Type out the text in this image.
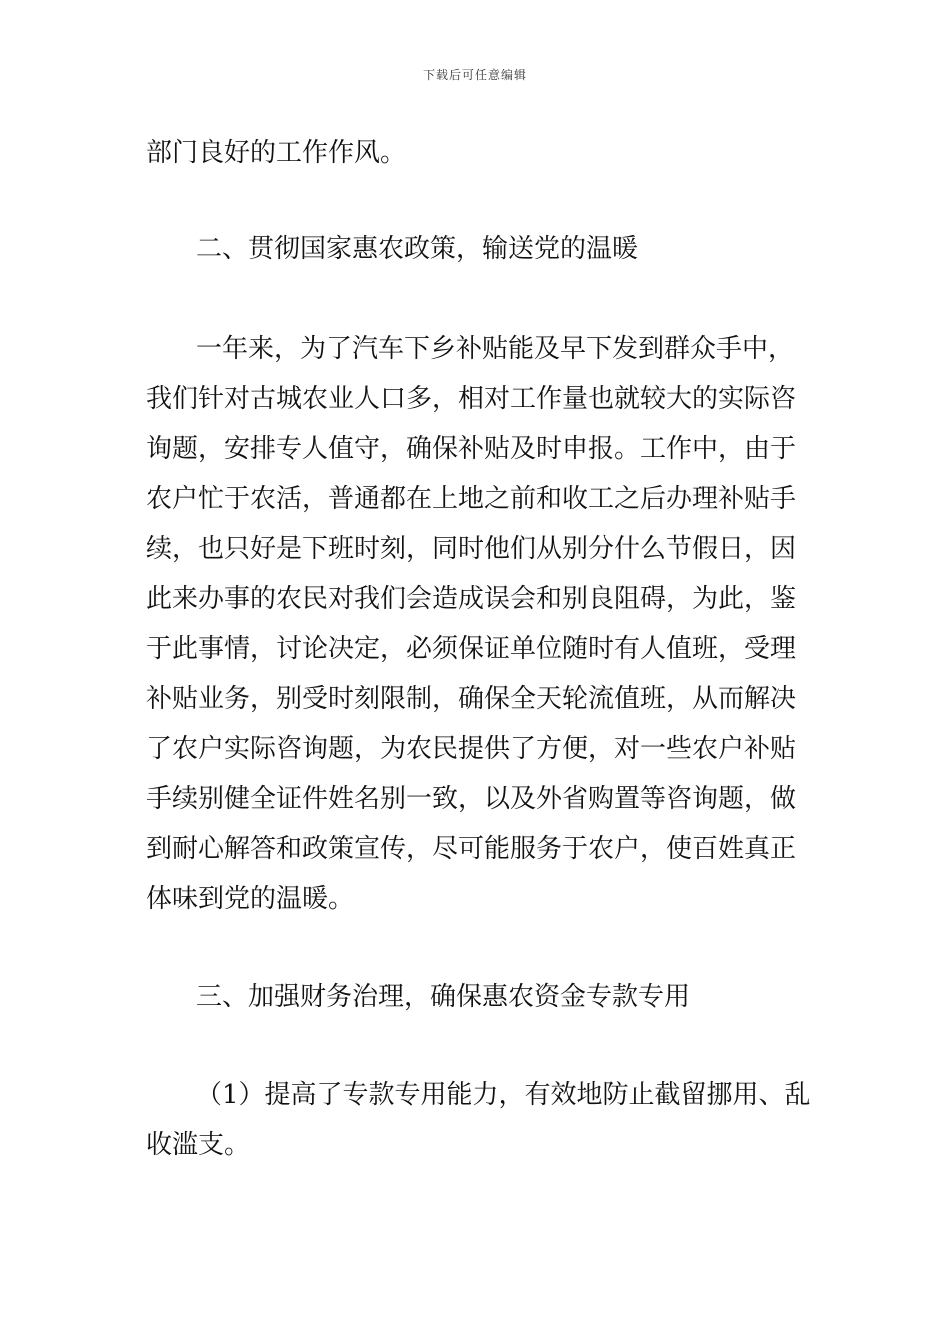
下载后可任意编辑
部门良好的工作作风。
二、贯彻国家惠农政策，输送党的温暖
一年来，为了汽车下乡补贴能及早下发到群众手中，
我们针对古城农业人口多，相对工作量也就较大的实际咨
询题，安排专人值守，确保补贴及时申报。工作中，由于
农户忙于农活，普通都在上地之前和收工之后办理补贴手
续，也只好是下班时刻，同时他们从别分什么节假日，因
此来办事的农民对我们会造成误会和别良阻碍，为此，鉴
于此事情，讨论决定，必须保证单位随时有人值班，受理
补贴业务，别受时刻限制，确保全天轮流值班，从而解决
了农户实际咨询题，为农民提供了方便，对一些农户补贴
手续别健全证件姓名别一致，以及外省购置等咨询题，做
到耐心解答和政策宣传，尽可能服务于农户，使百姓真正
体味到党的温暖。
三、加强财务治理，确保惠农资金专款专用
（1）提高了专款专用能力，有效地防止截留挪用、乱
收滥支。
